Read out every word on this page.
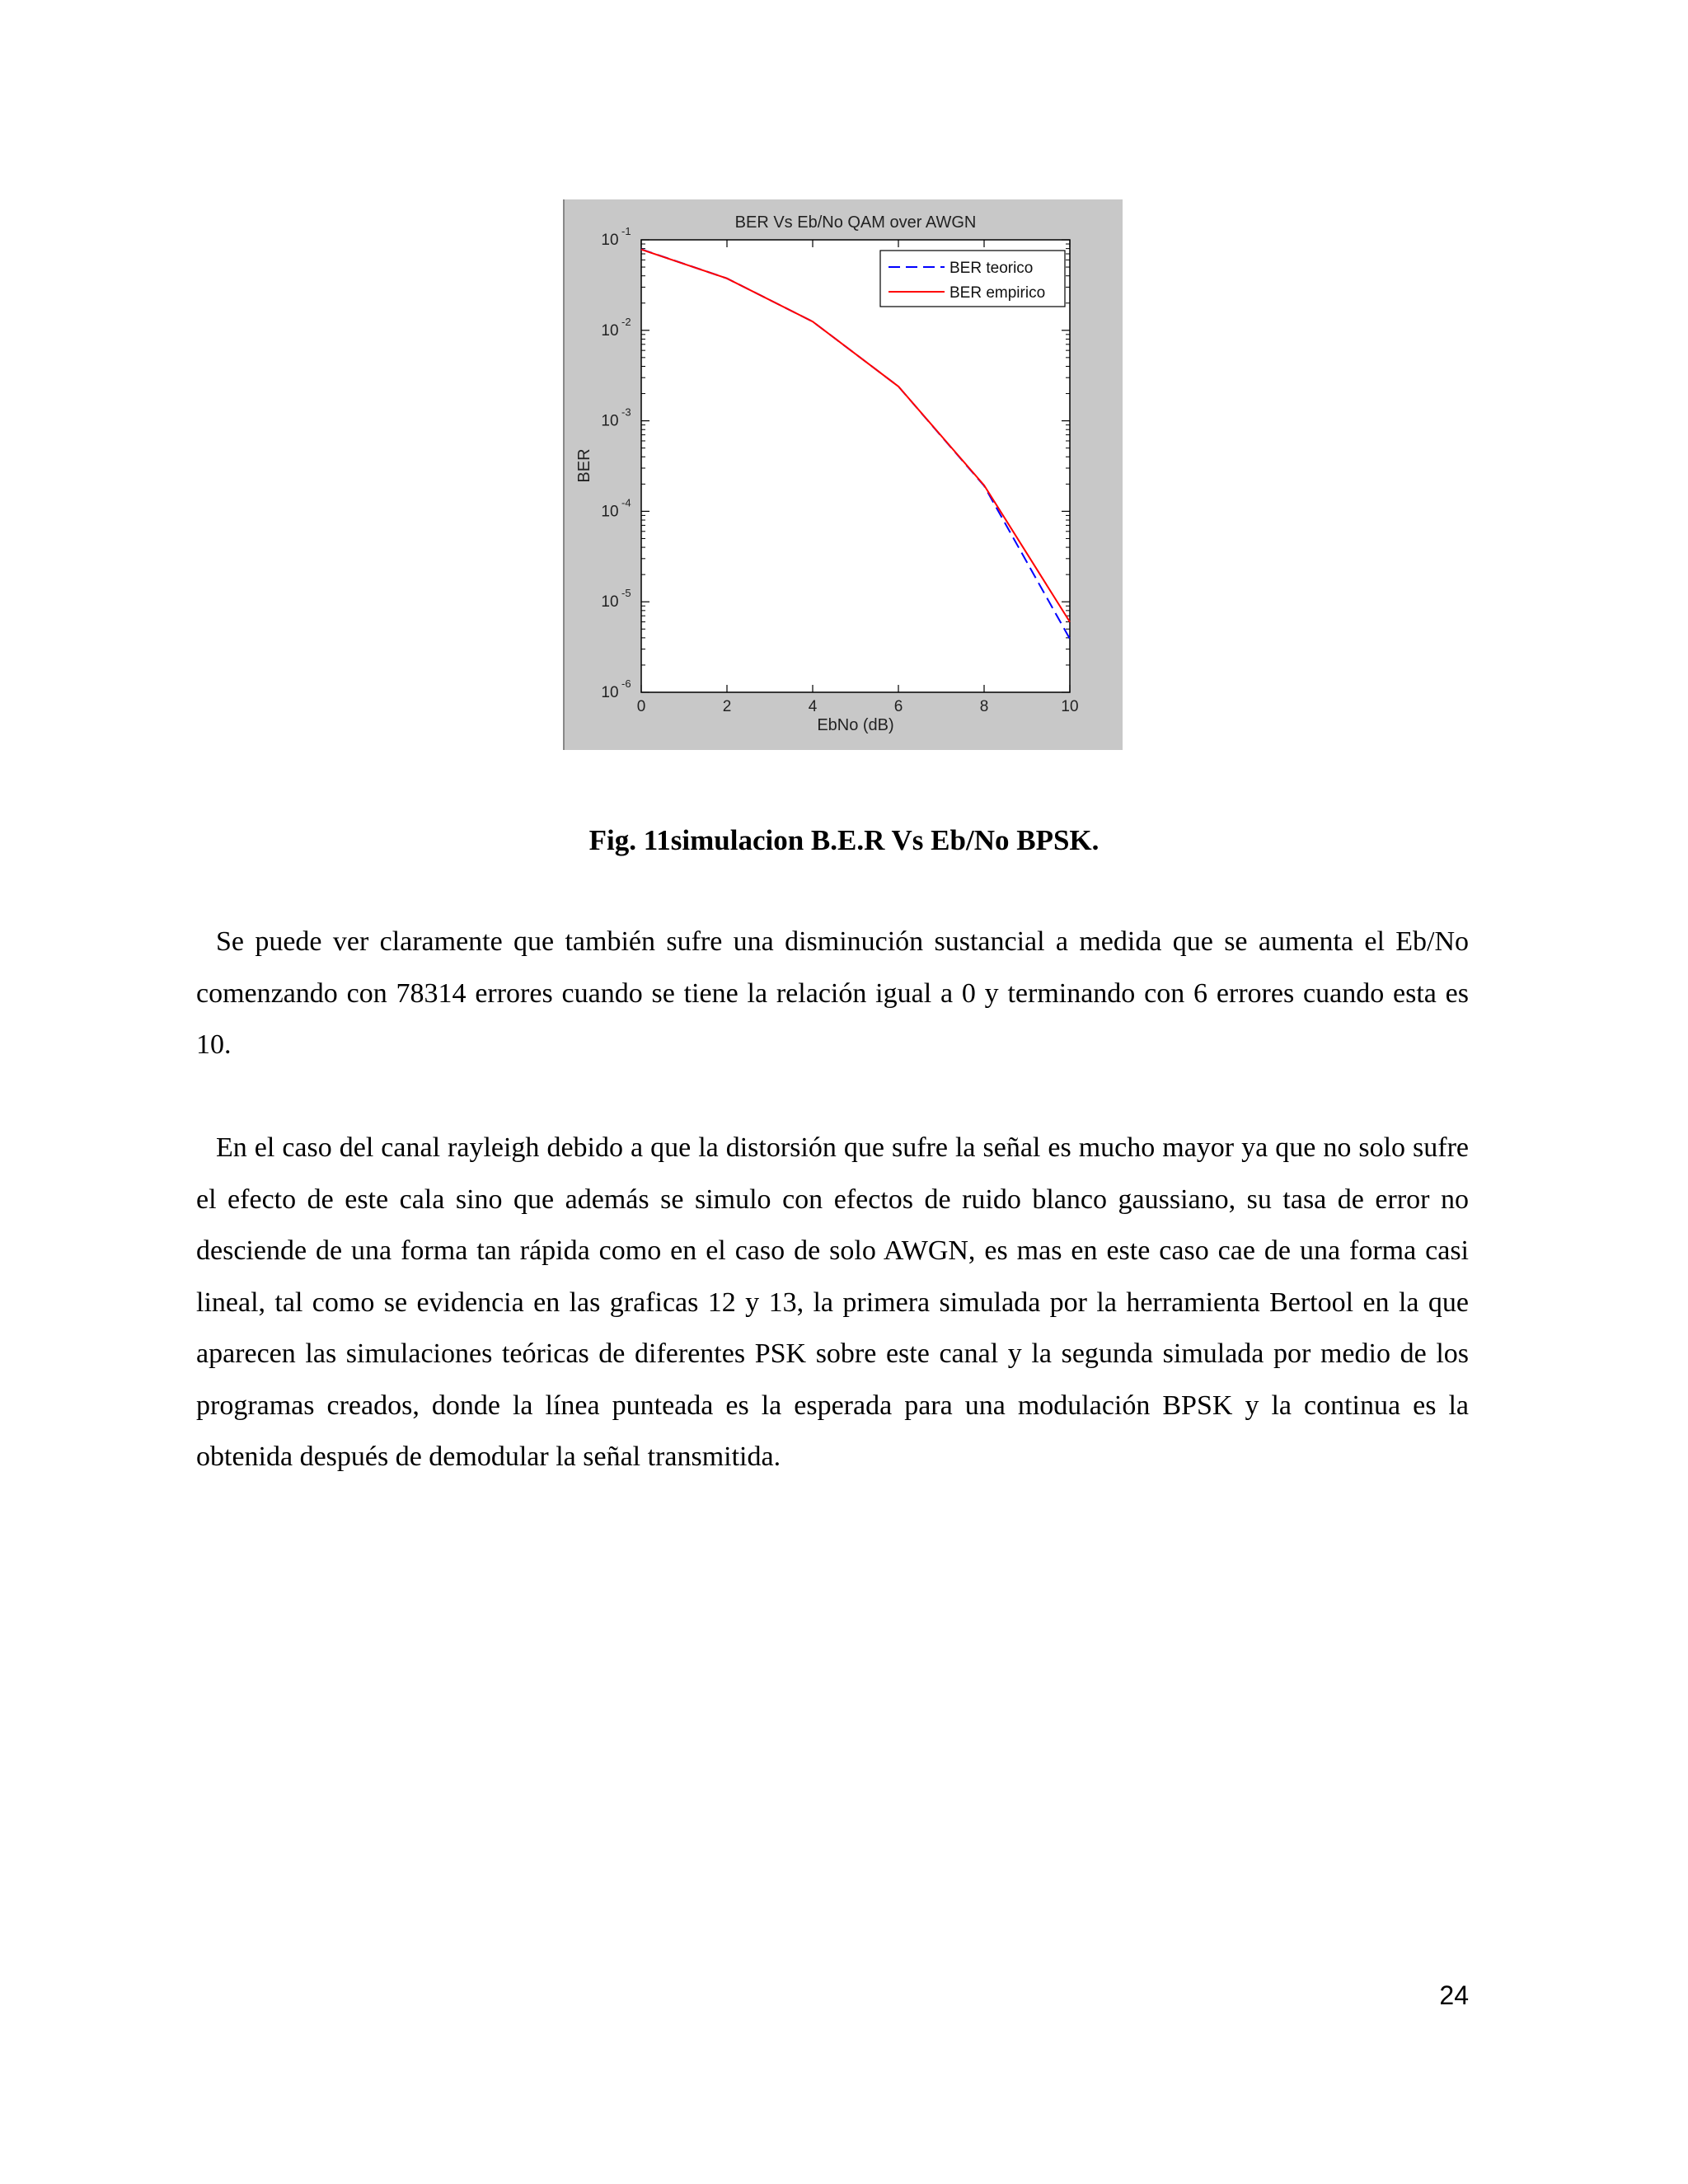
BER Vs Eb/No QAM over AWGN
EbNo (dB)
BER
0	2	4	6	8	10
10
-1
10
-2
10
-3
10
-4
10
-5
10
-6
BER teorico
BER empirico
Fig. 11simulacion B.E.R Vs Eb/No BPSK.

Se puede ver claramente que también sufre una disminución sustancial a medida que se aumenta el Eb/No comenzando con 78314 errores cuando se tiene la relación igual a 0 y terminando con 6 errores cuando esta es 10.

En el caso del canal rayleigh debido a que la distorsión que sufre la señal es mucho mayor ya que no solo sufre el efecto de este cala sino que además se simulo con efectos de ruido blanco gaussiano, su tasa de error no desciende de una forma tan rápida como en el caso de solo AWGN, es mas en este caso cae de una forma casi lineal, tal como se evidencia en las graficas 12 y 13, la primera simulada por la herramienta Bertool en la que aparecen las simulaciones teóricas de diferentes PSK sobre este canal y la segunda simulada por medio de los programas creados, donde la línea punteada es la esperada para una modulación BPSK y la continua es la obtenida después de demodular la señal transmitida.

24
